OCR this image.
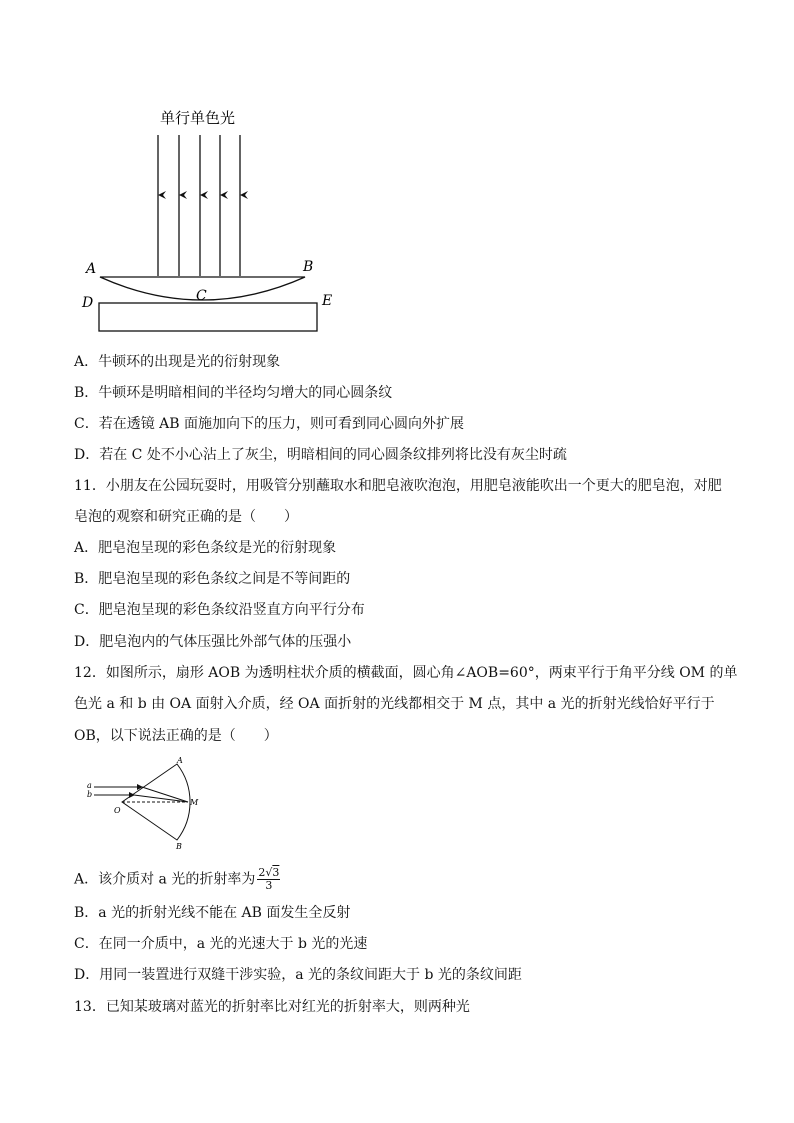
单行单色光
A	B
C
D	E
A．牛顿环的出现是光的衍射现象
B．牛顿环是明暗相间的半径均匀增大的同心圆条纹
C．若在透镜 AB 面施加向下的压力，则可看到同心圆向外扩展
D．若在 C 处不小心沾上了灰尘，明暗相间的同心圆条纹排列将比没有灰尘时疏
11．小朋友在公园玩耍时，用吸管分别蘸取水和肥皂液吹泡泡，用肥皂液能吹出一个更大的肥皂泡，对肥
皂泡的观察和研究正确的是（　　）
A．肥皂泡呈现的彩色条纹是光的衍射现象
B．肥皂泡呈现的彩色条纹之间是不等间距的
C．肥皂泡呈现的彩色条纹沿竖直方向平行分布
D．肥皂泡内的气体压强比外部气体的压强小
12．如图所示，扇形 AOB 为透明柱状介质的横截面，圆心角∠AOB=60°，两束平行于角平分线 OM 的单
色光 a 和 b 由 OA 面射入介质，经 OA 面折射的光线都相交于 M 点，其中 a 光的折射光线恰好平行于
OB，以下说法正确的是（　　）
a
b
O
M
A
B
A．该介质对 a 光的折射率为 $\frac{2√3}{3}$
B．a 光的折射光线不能在 AB 面发生全反射
C．在同一介质中，a 光的光速大于 b 光的光速
D．用同一装置进行双缝干涉实验，a 光的条纹间距大于 b 光的条纹间距
13．已知某玻璃对蓝光的折射率比对红光的折射率大，则两种光
